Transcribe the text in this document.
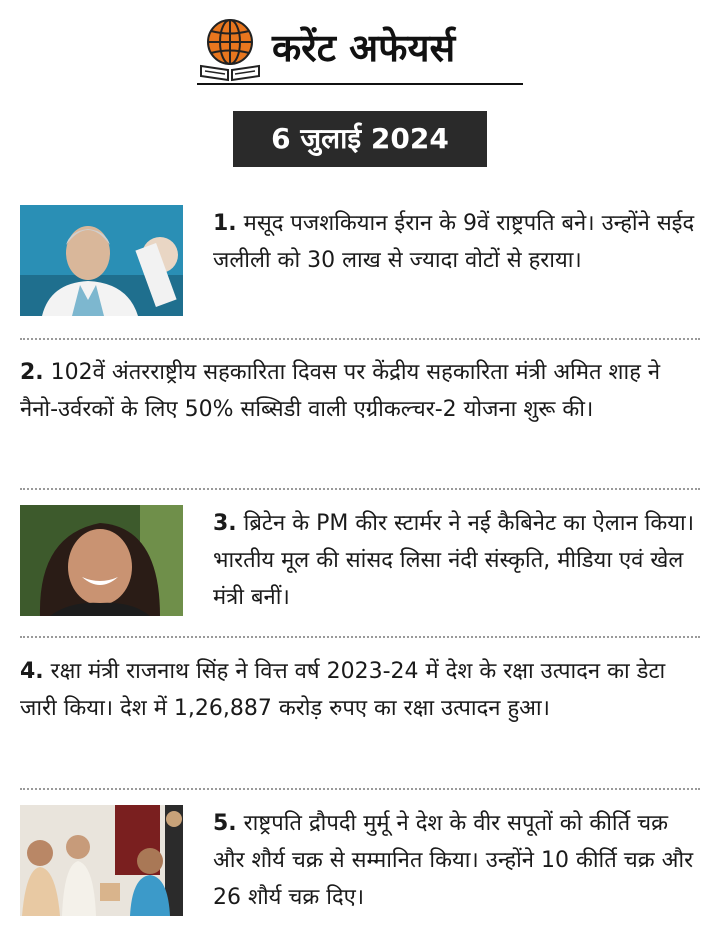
करेंट अफेयर्स
6 जुलाई 2024
1. मसूद पजशकियान ईरान के 9वें राष्ट्रपति बने। उन्होंने सईद जलीली को 30 लाख से ज्यादा वोटों से हराया।
2. 102वें अंतरराष्ट्रीय सहकारिता दिवस पर केंद्रीय सहकारिता मंत्री अमित शाह ने नैनो-उर्वरकों के लिए 50% सब्सिडी वाली एग्रीकल्चर-2 योजना शुरू की।
3. ब्रिटेन के PM कीर स्टार्मर ने नई कैबिनेट का ऐलान किया। भारतीय मूल की सांसद लिसा नंदी संस्कृति, मीडिया एवं खेल मंत्री बनीं।
4. रक्षा मंत्री राजनाथ सिंह ने वित्त वर्ष 2023-24 में देश के रक्षा उत्पादन का डेटा जारी किया। देश में 1,26,887 करोड़ रुपए का रक्षा उत्पादन हुआ।
5. राष्ट्रपति द्रौपदी मुर्मू ने देश के वीर सपूतों को कीर्ति चक्र और शौर्य चक्र से सम्मानित किया। उन्होंने 10 कीर्ति चक्र और 26 शौर्य चक्र दिए।
